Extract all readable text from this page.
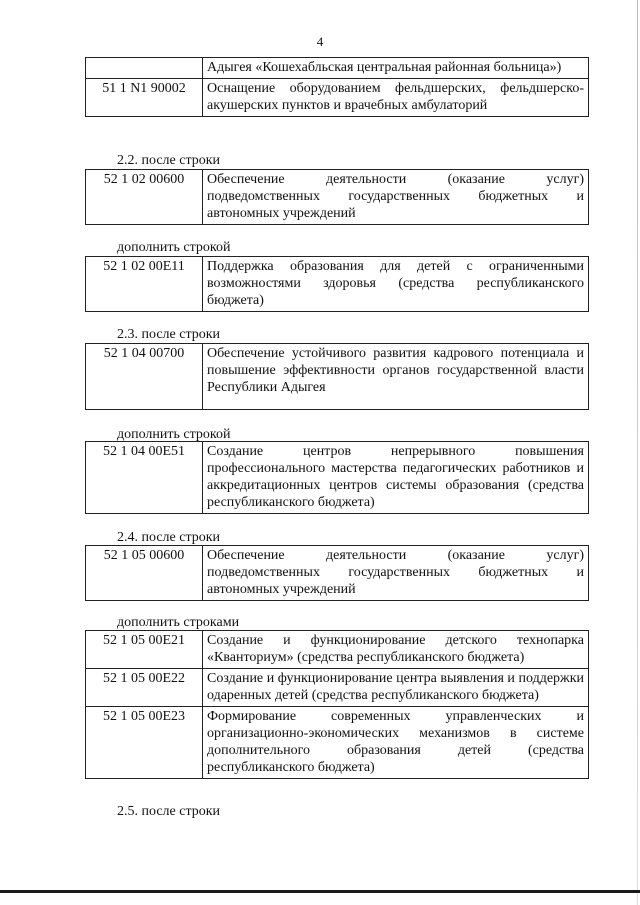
4
	Адыгея «Кошехабльская центральная районная больница»)
51 1 N1 90002	Оснащение оборудованием фельдшерских, фельдшерско-акушерских пунктов и врачебных амбулаторий
2.2. после строки
52 1 02 00600	Обеспечение деятельности (оказание услуг) подведомственных государственных бюджетных и автономных учреждений
дополнить строкой
52 1 02 00E11	Поддержка образования для детей с ограниченными возможностями здоровья (средства республиканского бюджета)
2.3. после строки
52 1 04 00700	Обеспечение устойчивого развития кадрового потенциала и повышение эффективности органов государственной власти Республики Адыгея
дополнить строкой
52 1 04 00E51	Создание центров непрерывного повышения профессионального мастерства педагогических работников и аккредитационных центров системы образования (средства республиканского бюджета)
2.4. после строки
52 1 05 00600	Обеспечение деятельности (оказание услуг) подведомственных государственных бюджетных и автономных учреждений
дополнить строками
52 1 05 00E21	Создание и функционирование детского технопарка «Кванториум» (средства республиканского бюджета)
52 1 05 00E22	Создание и функционирование центра выявления и поддержки одаренных детей (средства республиканского бюджета)
52 1 05 00E23	Формирование современных управленческих и организационно-экономических механизмов в системе дополнительного образования детей (средства республиканского бюджета)
2.5. после строки
